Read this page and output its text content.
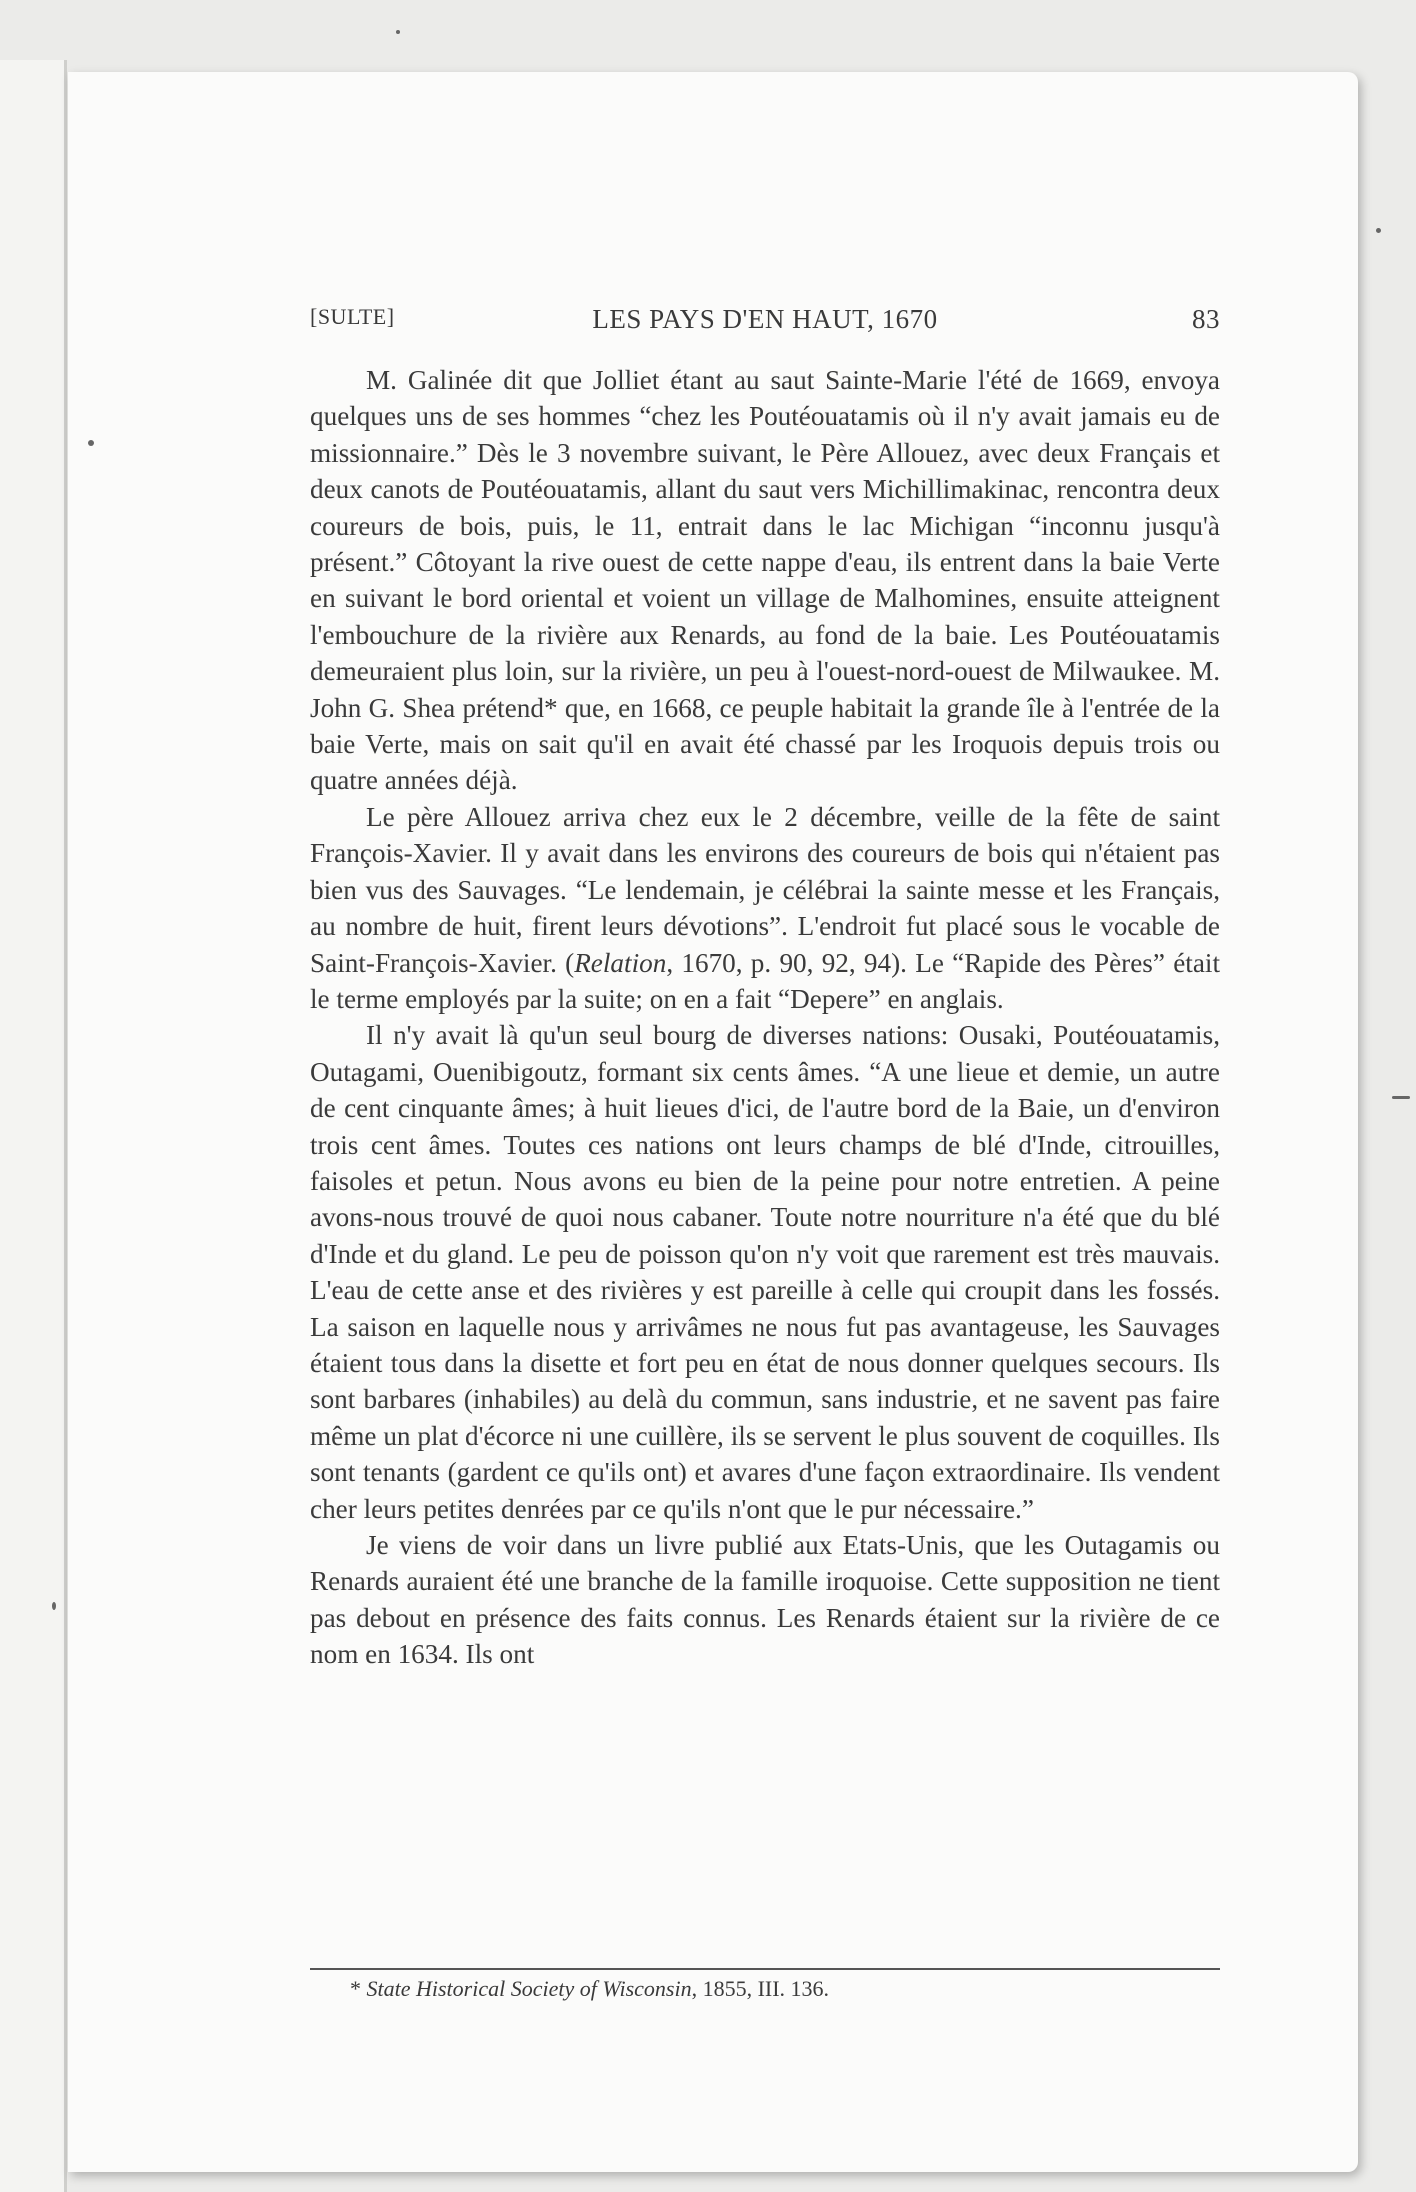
[SULTE]	LES PAYS D'EN HAUT, 1670	83

M. Galinée dit que Jolliet étant au saut Sainte-Marie l'été de 1669, envoya quelques uns de ses hommes “chez les Poutéouatamis où il n'y avait jamais eu de missionnaire.” Dès le 3 novembre suivant, le Père Allouez, avec deux Français et deux canots de Poutéouatamis, allant du saut vers Michillimakinac, rencontra deux coureurs de bois, puis, le 11, entrait dans le lac Michigan “inconnu jusqu'à présent.” Côtoyant la rive ouest de cette nappe d'eau, ils entrent dans la baie Verte en suivant le bord oriental et voient un village de Malhomines, ensuite atteignent l'embouchure de la rivière aux Renards, au fond de la baie. Les Poutéouatamis demeuraient plus loin, sur la rivière, un peu à l'ouest-nord-ouest de Milwaukee. M. John G. Shea prétend* que, en 1668, ce peuple habitait la grande île à l'entrée de la baie Verte, mais on sait qu'il en avait été chassé par les Iroquois depuis trois ou quatre années déjà.

Le père Allouez arriva chez eux le 2 décembre, veille de la fête de saint François-Xavier. Il y avait dans les environs des coureurs de bois qui n'étaient pas bien vus des Sauvages. “Le lendemain, je célébrai la sainte messe et les Français, au nombre de huit, firent leurs dévotions”. L'endroit fut placé sous le vocable de Saint-François-Xavier. (Relation, 1670, p. 90, 92, 94). Le “Rapide des Pères” était le terme employés par la suite; on en a fait “Depere” en anglais.

Il n'y avait là qu'un seul bourg de diverses nations: Ousaki, Poutéouatamis, Outagami, Ouenibigoutz, formant six cents âmes. “A une lieue et demie, un autre de cent cinquante âmes; à huit lieues d'ici, de l'autre bord de la Baie, un d'environ trois cent âmes. Toutes ces nations ont leurs champs de blé d'Inde, citrouilles, faisoles et petun. Nous avons eu bien de la peine pour notre entretien. A peine avons-nous trouvé de quoi nous cabaner. Toute notre nourriture n'a été que du blé d'Inde et du gland. Le peu de poisson qu'on n'y voit que rarement est très mauvais. L'eau de cette anse et des rivières y est pareille à celle qui croupit dans les fossés. La saison en laquelle nous y arrivâmes ne nous fut pas avantageuse, les Sauvages étaient tous dans la disette et fort peu en état de nous donner quelques secours. Ils sont barbares (inhabiles) au delà du commun, sans industrie, et ne savent pas faire même un plat d'écorce ni une cuillère, ils se servent le plus souvent de coquilles. Ils sont tenants (gardent ce qu'ils ont) et avares d'une façon extraordinaire. Ils vendent cher leurs petites denrées par ce qu'ils n'ont que le pur nécessaire.”

Je viens de voir dans un livre publié aux Etats-Unis, que les Outagamis ou Renards auraient été une branche de la famille iroquoise. Cette supposition ne tient pas debout en présence des faits connus. Les Renards étaient sur la rivière de ce nom en 1634. Ils ont

* State Historical Society of Wisconsin, 1855, III. 136.
